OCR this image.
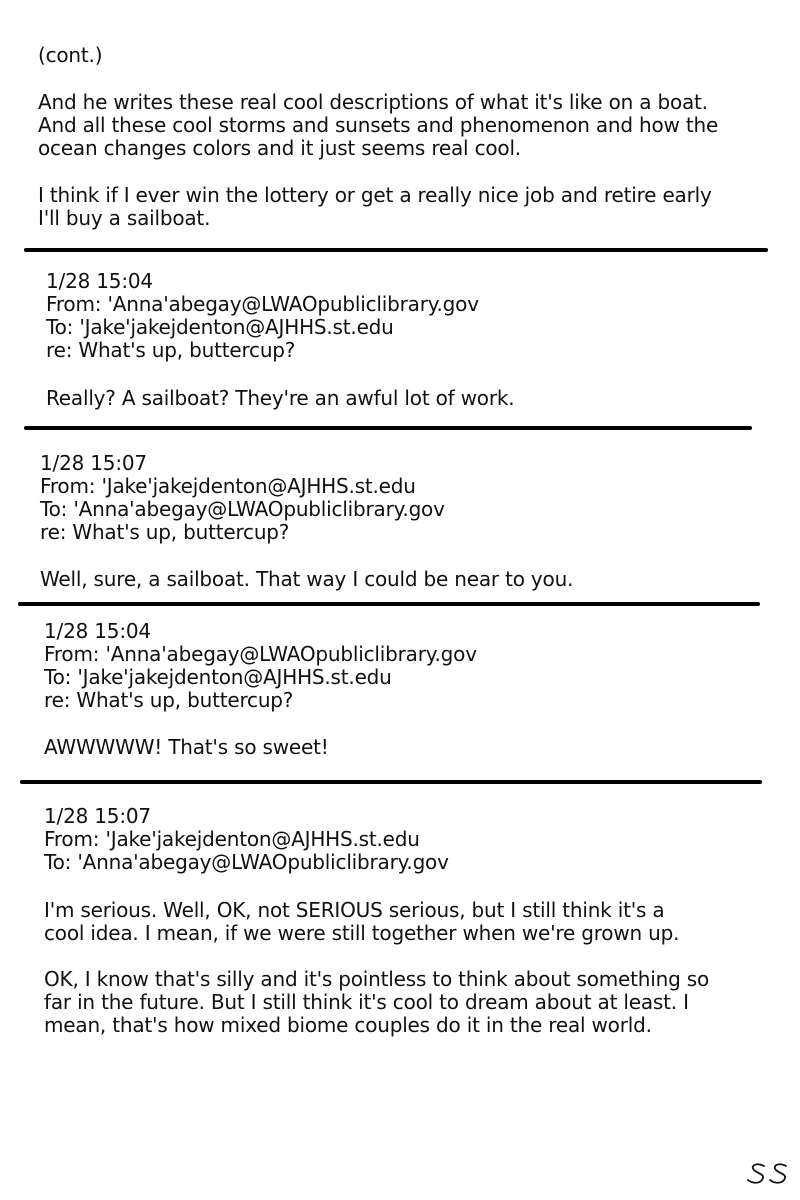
(cont.)

And he writes these real cool descriptions of what it's like on a boat.
And all these cool storms and sunsets and phenomenon and how the
ocean changes colors and it just seems real cool.

I think if I ever win the lottery or get a really nice job and retire early
I'll buy a sailboat.

1/28 15:04

From: 'Anna'abegay@LWAOpubliclibrary.gov

To: 'Jake'jakejdenton@AJHHS.st.edu

re: What's up, buttercup?

Really? A sailboat? They're an awful lot of work.

1/28 15:07

From: 'Jake'jakejdenton@AJHHS.st.edu

To: 'Anna'abegay@LWAOpubliclibrary.gov

re: What's up, buttercup?

Well, sure, a sailboat. That way I could be near to you.

1/28 15:04

From: 'Anna'abegay@LWAOpubliclibrary.gov

To: 'Jake'jakejdenton@AJHHS.st.edu

re: What's up, buttercup?

AWWWWW! That's so sweet!

1/28 15:07

From: 'Jake'jakejdenton@AJHHS.st.edu

To: 'Anna'abegay@LWAOpubliclibrary.gov

I'm serious. Well, OK, not SERIOUS serious, but I still think it's a
cool idea. I mean, if we were still together when we're grown up.

OK, I know that's silly and it's pointless to think about something so
far in the future. But I still think it's cool to dream about at least. I
mean, that's how mixed biome couples do it in the real world.
